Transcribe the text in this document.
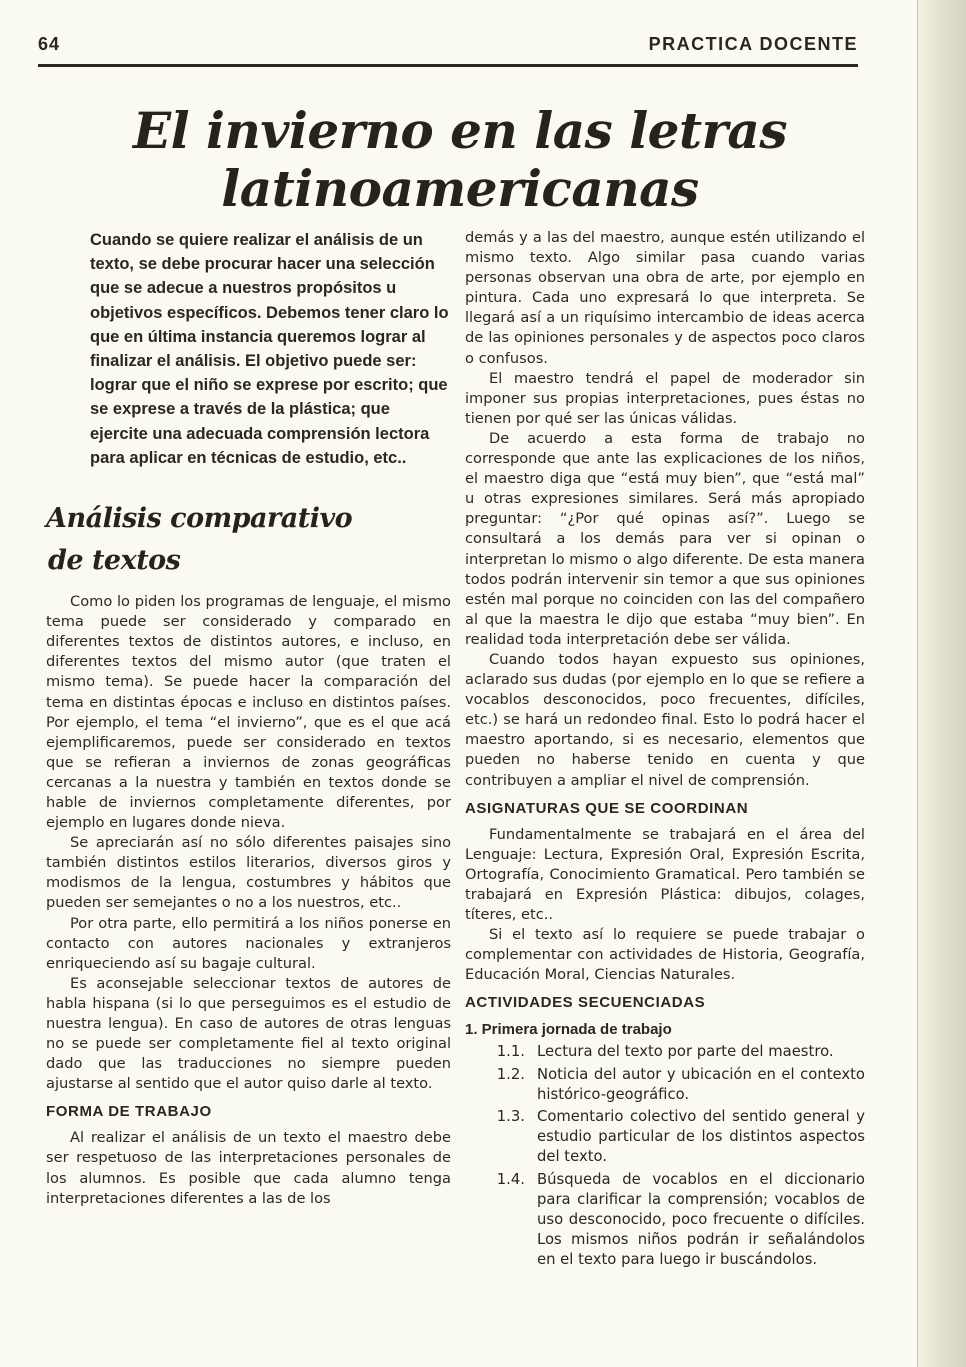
64	PRACTICA DOCENTE
El invierno en las letras latinoamericanas

Cuando se quiere realizar el análisis de un texto, se debe procurar hacer una selección que se adecue a nuestros propósitos u objetivos específicos. Debemos tener claro lo que en última instancia queremos lograr al finalizar el análisis. El objetivo puede ser: lograr que el niño se exprese por escrito; que se exprese a través de la plástica; que ejercite una adecuada comprensión lectora para aplicar en técnicas de estudio, etc..

Análisis comparativo
de textos

Como lo piden los programas de lenguaje, el mismo tema puede ser considerado y comparado en diferentes textos de distintos autores, e incluso, en diferentes textos del mismo autor (que traten el mismo tema). Se puede hacer la comparación del tema en distintas épocas e incluso en distintos países. Por ejemplo, el tema “el invierno”, que es el que acá ejemplificaremos, puede ser considerado en textos que se refieran a inviernos de zonas geográficas cercanas a la nuestra y también en textos donde se hable de inviernos completamente diferentes, por ejemplo en lugares donde nieva.

Se apreciarán así no sólo diferentes paisajes sino también distintos estilos literarios, diversos giros y modismos de la lengua, costumbres y hábitos que pueden ser semejantes o no a los nuestros, etc..

Por otra parte, ello permitirá a los niños ponerse en contacto con autores nacionales y extranjeros enriqueciendo así su bagaje cultural.

Es aconsejable seleccionar textos de autores de habla hispana (si lo que perseguimos es el estudio de nuestra lengua). En caso de autores de otras lenguas no se puede ser completamente fiel al texto original dado que las traducciones no siempre pueden ajustarse al sentido que el autor quiso darle al texto.

FORMA DE TRABAJO

Al realizar el análisis de un texto el maestro debe ser respetuoso de las interpretaciones personales de los alumnos. Es posible que cada alumno tenga interpretaciones diferentes a las de los

demás y a las del maestro, aunque estén utilizando el mismo texto. Algo similar pasa cuando varias personas observan una obra de arte, por ejemplo en pintura. Cada uno expresará lo que interpreta. Se llegará así a un riquísimo intercambio de ideas acerca de las opiniones personales y de aspectos poco claros o confusos.

El maestro tendrá el papel de moderador sin imponer sus propias interpretaciones, pues éstas no tienen por qué ser las únicas válidas.

De acuerdo a esta forma de trabajo no corresponde que ante las explicaciones de los niños, el maestro diga que “está muy bien”, que “está mal” u otras expresiones similares. Será más apropiado preguntar: “¿Por qué opinas así?”. Luego se consultará a los demás para ver si opinan o interpretan lo mismo o algo diferente. De esta manera todos podrán intervenir sin temor a que sus opiniones estén mal porque no coinciden con las del compañero al que la maestra le dijo que estaba “muy bien”. En realidad toda interpretación debe ser válida.

Cuando todos hayan expuesto sus opiniones, aclarado sus dudas (por ejemplo en lo que se refiere a vocablos desconocidos, poco frecuentes, difíciles, etc.) se hará un redondeo final. Esto lo podrá hacer el maestro aportando, si es necesario, elementos que pueden no haberse tenido en cuenta y que contribuyen a ampliar el nivel de comprensión.

ASIGNATURAS QUE SE COORDINAN

Fundamentalmente se trabajará en el área del Lenguaje: Lectura, Expresión Oral, Expresión Escrita, Ortografía, Conocimiento Gramatical. Pero también se trabajará en Expresión Plástica: dibujos, colages, títeres, etc..

Si el texto así lo requiere se puede trabajar o complementar con actividades de Historia, Geografía, Educación Moral, Ciencias Naturales.

ACTIVIDADES SECUENCIADAS

1. Primera jornada de trabajo

1.1. Lectura del texto por parte del maestro.
1.2. Noticia del autor y ubicación en el contexto histórico-geográfico.
1.3. Comentario colectivo del sentido general y estudio particular de los distintos aspectos del texto.
1.4. Búsqueda de vocablos en el diccionario para clarificar la comprensión; vocablos de uso desconocido, poco frecuente o difíciles. Los mismos niños podrán ir señalándolos en el texto para luego ir buscándolos.
